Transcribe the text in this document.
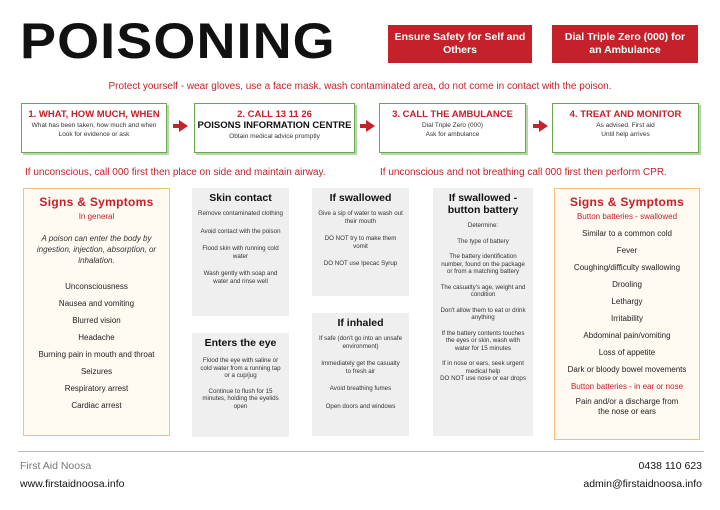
POISONING	Ensure Safety for Self and Others
Dial Triple Zero (000) for an Ambulance
Protect yourself - wear gloves, use a face mask, wash contaminated area, do not come in contact with the poison.
1. WHAT, HOW MUCH, WHEN
What has been taken, how much and when
Look for evidence or ask
2. CALL 13 11 26
POISONS INFORMATION CENTRE
Obtain medical advice promptly
3. CALL THE AMBULANCE
Dial Triple Zero (000)
Ask for ambulance
4. TREAT AND MONITOR
As advised. First aid
Until help arrives
If unconscious, call 000 first then place on side and maintain airway.	If unconscious and not breathing call 000 first then perform CPR.
Signs & Symptoms
In general
A poison can enter the body by ingestion, injection, absorption, or inhalation.
Unconsciousness
Nausea and vomiting
Blurred vision
Headache
Burning pain in mouth and throat
Seizures
Respiratory arrest
Cardiac arrest
Skin contact
Remove contaminated clothing
Avoid contact with the poison
Flood skin with running cold water
Wash gently with soap and water and rinse well
Enters the eye
Flood the eye with saline or cold water from a running tap or a cup/jug
Continue to flush for 15 minutes, holding the eyelids open
If swallowed
Give a sip of water to wash out their mouth
DO NOT try to make them vomit
DO NOT use Ipecac Syrup
If inhaled
If safe (don't go into an unsafe environment)
Immediately get the casualty to fresh air
Avoid breathing fumes
Open doors and windows
If swallowed - button battery
Determine:
The type of battery
The battery identification number, found on the package or from a matching battery
The casualty's age, weight and condition
Don't allow them to eat or drink anything
If the battery contents touches the eyes or skin, wash with water for 15 minutes
If in nose or ears, seek urgent medical help
DO NOT use nose or ear drops
Signs & Symptoms
Button batteries - swallowed
Similar to a common cold
Fever
Coughing/difficulty swallowing
Drooling
Lethargy
Irritability
Abdominal pain/vomiting
Loss of appetite
Dark or bloody bowel movements
Button batteries - in ear or nose
Pain and/or a discharge from the nose or ears
First Aid Noosa
www.firstaidnoosa.info
0438 110 623
admin@firstaidnoosa.info
